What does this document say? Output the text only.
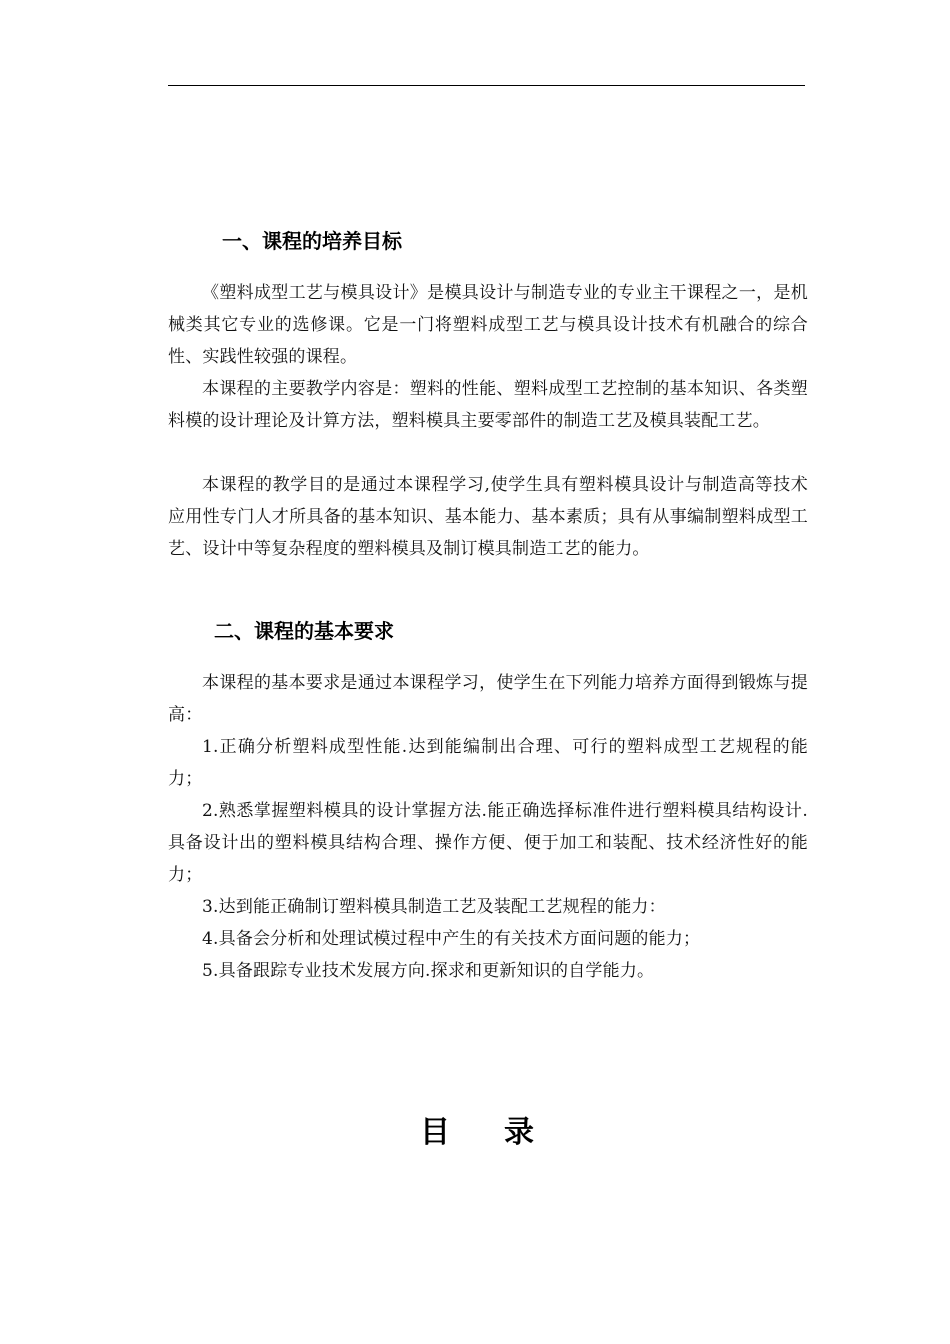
一、课程的培养目标

《塑料成型工艺与模具设计》是模具设计与制造专业的专业主干课程之一，是机械类其它专业的选修课。它是一门将塑料成型工艺与模具设计技术有机融合的综合性、实践性较强的课程。

本课程的主要教学内容是：塑料的性能、塑料成型工艺控制的基本知识、各类塑料模的设计理论及计算方法，塑料模具主要零部件的制造工艺及模具装配工艺。

本课程的教学目的是通过本课程学习,使学生具有塑料模具设计与制造高等技术应用性专门人才所具备的基本知识、基本能力、基本素质；具有从事编制塑料成型工艺、设计中等复杂程度的塑料模具及制订模具制造工艺的能力。

二、课程的基本要求

本课程的基本要求是通过本课程学习，使学生在下列能力培养方面得到锻炼与提高：

1.正确分析塑料成型性能.达到能编制出合理、可行的塑料成型工艺规程的能力；

2.熟悉掌握塑料模具的设计掌握方法.能正确选择标准件进行塑料模具结构设计.具备设计出的塑料模具结构合理、操作方便、便于加工和装配、技术经济性好的能力；

3.达到能正确制订塑料模具制造工艺及装配工艺规程的能力：

4.具备会分析和处理试模过程中产生的有关技术方面问题的能力；

5.具备跟踪专业技术发展方向.探求和更新知识的自学能力。

目录
